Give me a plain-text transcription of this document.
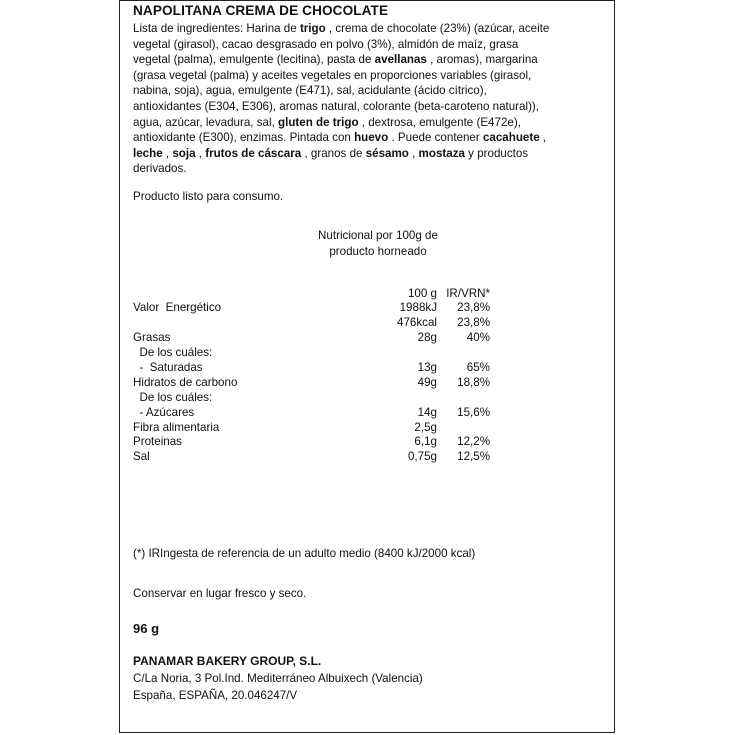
NAPOLITANA CREMA DE CHOCOLATE
Lista de ingredientes: Harina de trigo , crema de chocolate (23%) (azúcar, aceite
vegetal (girasol), cacao desgrasado en polvo (3%), almidón de maíz, grasa
vegetal (palma), emulgente (lecitina), pasta de avellanas , aromas), margarina
(grasa vegetal (palma) y aceites vegetales en proporciones variables (girasol,
nabina, soja), agua, emulgente (E471), sal, acidulante (ácido cítrico),
antioxidantes (E304, E306), aromas natural, colorante (beta-caroteno natural)),
agua, azúcar, levadura, sal, gluten de trigo , dextrosa, emulgente (E472e),
antioxidante (E300), enzimas. Pintada con huevo . Puede contener cacahuete ,
leche , soja , frutos de cáscara , granos de sésamo , mostaza y productos
derivados.
Producto listo para consumo.
Nutricional por 100g de
producto horneado
100 g IR/VRN*
Valor  Energético	1988kJ 23,8%
476kcal 23,8%
Grasas	28g	40%
De los cuáles:
-  Saturadas	13g	65%
Hidratos de carbono	49g 18,8%
De los cuáles:
- Azúcares	14g 15,6%
Fibra alimentaria	2,5g
Proteinas	6,1g 12,2%
Sal	0,75g 12,5%
(*) IRIngesta de referencia de un adulto medio (8400 kJ/2000 kcal)
Conservar en lugar fresco y seco.
96 g
PANAMAR BAKERY GROUP, S.L.
C/La Noria, 3 Pol.Ind. Mediterráneo Albuixech (Valencia)
España, ESPAÑA, 20.046247/V
